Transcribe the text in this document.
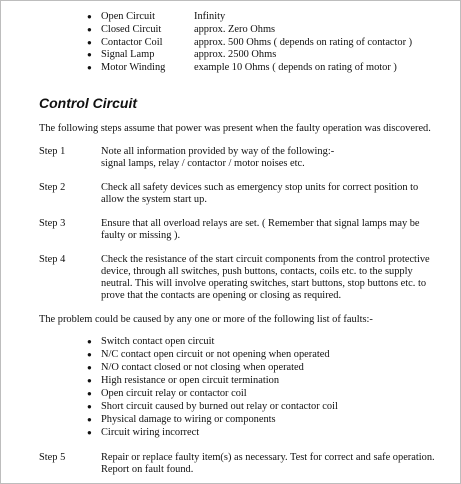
● Open Circuit	Infinity
● Closed Circuit	approx. Zero Ohms
● Contactor Coil	approx. 500 Ohms ( depends on rating of contactor )
● Signal Lamp	approx. 2500 Ohms
● Motor Winding	example 10 Ohms ( depends on rating of motor )
Control Circuit
The following steps assume that power was present when the faulty operation was discovered.
Step 1	Note all information provided by way of the following:-
signal lamps, relay / contactor / motor noises etc.
Step 2	Check all safety devices such as emergency stop units for correct position to
allow the system start up.
Step 3	Ensure that all overload relays are set. ( Remember that signal lamps may be
faulty or missing ).
Step 4	Check the resistance of the start circuit components from the control protective
device, through all switches, push buttons, contacts, coils etc. to the supply
neutral. This will involve operating switches, start buttons, stop buttons etc. to
prove that the contacts are opening or closing as required.
The problem could be caused by any one or more of the following list of faults:-
● Switch contact open circuit
● N/C contact open circuit or not opening when operated
● N/O contact closed or not closing when operated
● High resistance or open circuit termination
● Open circuit relay or contactor coil
● Short circuit caused by burned out relay or contactor coil
● Physical damage to wiring or components
● Circuit wiring incorrect
Step 5	Repair or replace faulty item(s) as necessary. Test for correct and safe operation.
Report on fault found.
